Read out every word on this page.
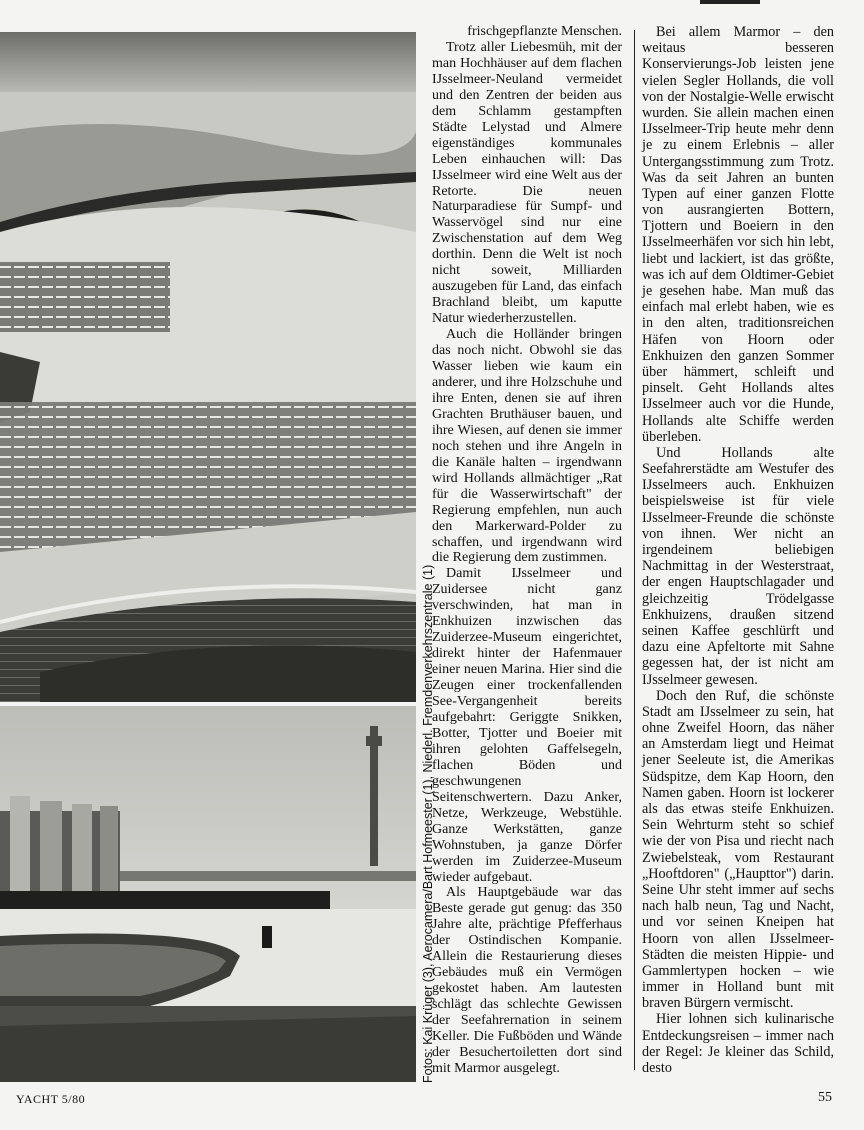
Fotos: Kai Krüger (3), Aerocamera/Bart Hofmeester (1), Niederl. Fremdenverkehrszentrale (1)

frischgepflanzte Menschen.

Trotz aller Liebesmüh, mit der man Hochhäuser auf dem flachen IJsselmeer-Neuland vermeidet und den Zentren der beiden aus dem Schlamm gestampften Städte Lelystad und Almere eigenständiges kommunales Leben einhauchen will: Das IJsselmeer wird eine Welt aus der Retorte. Die neuen Naturparadiese für Sumpf- und Wasservögel sind nur eine Zwischenstation auf dem Weg dorthin. Denn die Welt ist noch nicht soweit, Milliarden auszugeben für Land, das einfach Brachland bleibt, um kaputte Natur wiederherzustellen.

Auch die Holländer bringen das noch nicht. Obwohl sie das Wasser lieben wie kaum ein anderer, und ihre Holzschuhe und ihre Enten, denen sie auf ihren Grachten Bruthäuser bauen, und ihre Wiesen, auf denen sie immer noch stehen und ihre Angeln in die Kanäle halten – irgendwann wird Hollands allmächtiger „Rat für die Wasserwirtschaft" der Regierung empfehlen, nun auch den Markerward-Polder zu schaffen, und irgendwann wird die Regierung dem zustimmen.

Damit IJsselmeer und Zuidersee nicht ganz verschwinden, hat man in Enkhuizen inzwischen das Zuiderzee-Museum eingerichtet, direkt hinter der Hafenmauer einer neuen Marina. Hier sind die Zeugen einer trockenfallenden See-Vergangenheit bereits aufgebahrt: Geriggte Snikken, Botter, Tjotter und Boeier mit ihren gelohten Gaffelsegeln, flachen Böden und geschwungenen Seitenschwertern. Dazu Anker, Netze, Werkzeuge, Webstühle. Ganze Werkstätten, ganze Wohnstuben, ja ganze Dörfer werden im Zuiderzee-Museum wieder aufgebaut.

Als Hauptgebäude war das Beste gerade gut genug: das 350 Jahre alte, prächtige Pfefferhaus der Ostindischen Kompanie. Allein die Restaurierung dieses Gebäudes muß ein Vermögen gekostet haben. Am lautesten schlägt das schlechte Gewissen der Seefahrernation in seinem Keller. Die Fußböden und Wände der Besuchertoiletten dort sind mit Marmor ausgelegt.

Bei allem Marmor – den weitaus besseren Konservierungs-Job leisten jene vielen Segler Hollands, die voll von der Nostalgie-Welle erwischt wurden. Sie allein machen einen IJsselmeer-Trip heute mehr denn je zu einem Erlebnis – aller Untergangsstimmung zum Trotz. Was da seit Jahren an bunten Typen auf einer ganzen Flotte von ausrangierten Bottern, Tjottern und Boeiern in den IJsselmeerhäfen vor sich hin lebt, liebt und lackiert, ist das größte, was ich auf dem Oldtimer-Gebiet je gesehen habe. Man muß das einfach mal erlebt haben, wie es in den alten, traditionsreichen Häfen von Hoorn oder Enkhuizen den ganzen Sommer über hämmert, schleift und pinselt. Geht Hollands altes IJsselmeer auch vor die Hunde, Hollands alte Schiffe werden überleben.

Und Hollands alte Seefahrerstädte am Westufer des IJsselmeers auch. Enkhuizen beispielsweise ist für viele IJsselmeer-Freunde die schönste von ihnen. Wer nicht an irgendeinem beliebigen Nachmittag in der Westerstraat, der engen Hauptschlagader und gleichzeitig Trödelgasse Enkhuizens, draußen sitzend seinen Kaffee geschlürft und dazu eine Apfeltorte mit Sahne gegessen hat, der ist nicht am IJsselmeer gewesen.

Doch den Ruf, die schönste Stadt am IJsselmeer zu sein, hat ohne Zweifel Hoorn, das näher an Amsterdam liegt und Heimat jener Seeleute ist, die Amerikas Südspitze, dem Kap Hoorn, den Namen gaben. Hoorn ist lockerer als das etwas steife Enkhuizen. Sein Wehrturm steht so schief wie der von Pisa und riecht nach Zwiebelsteak, vom Restaurant „Hooftdoren" („Haupttor") darin. Seine Uhr steht immer auf sechs nach halb neun, Tag und Nacht, und vor seinen Kneipen hat Hoorn von allen IJsselmeer-Städten die meisten Hippie- und Gammlertypen hocken – wie immer in Holland bunt mit braven Bürgern vermischt.

Hier lohnen sich kulinarische Entdeckungsreisen – immer nach der Regel: Je kleiner das Schild, desto

YACHT 5/80	55
